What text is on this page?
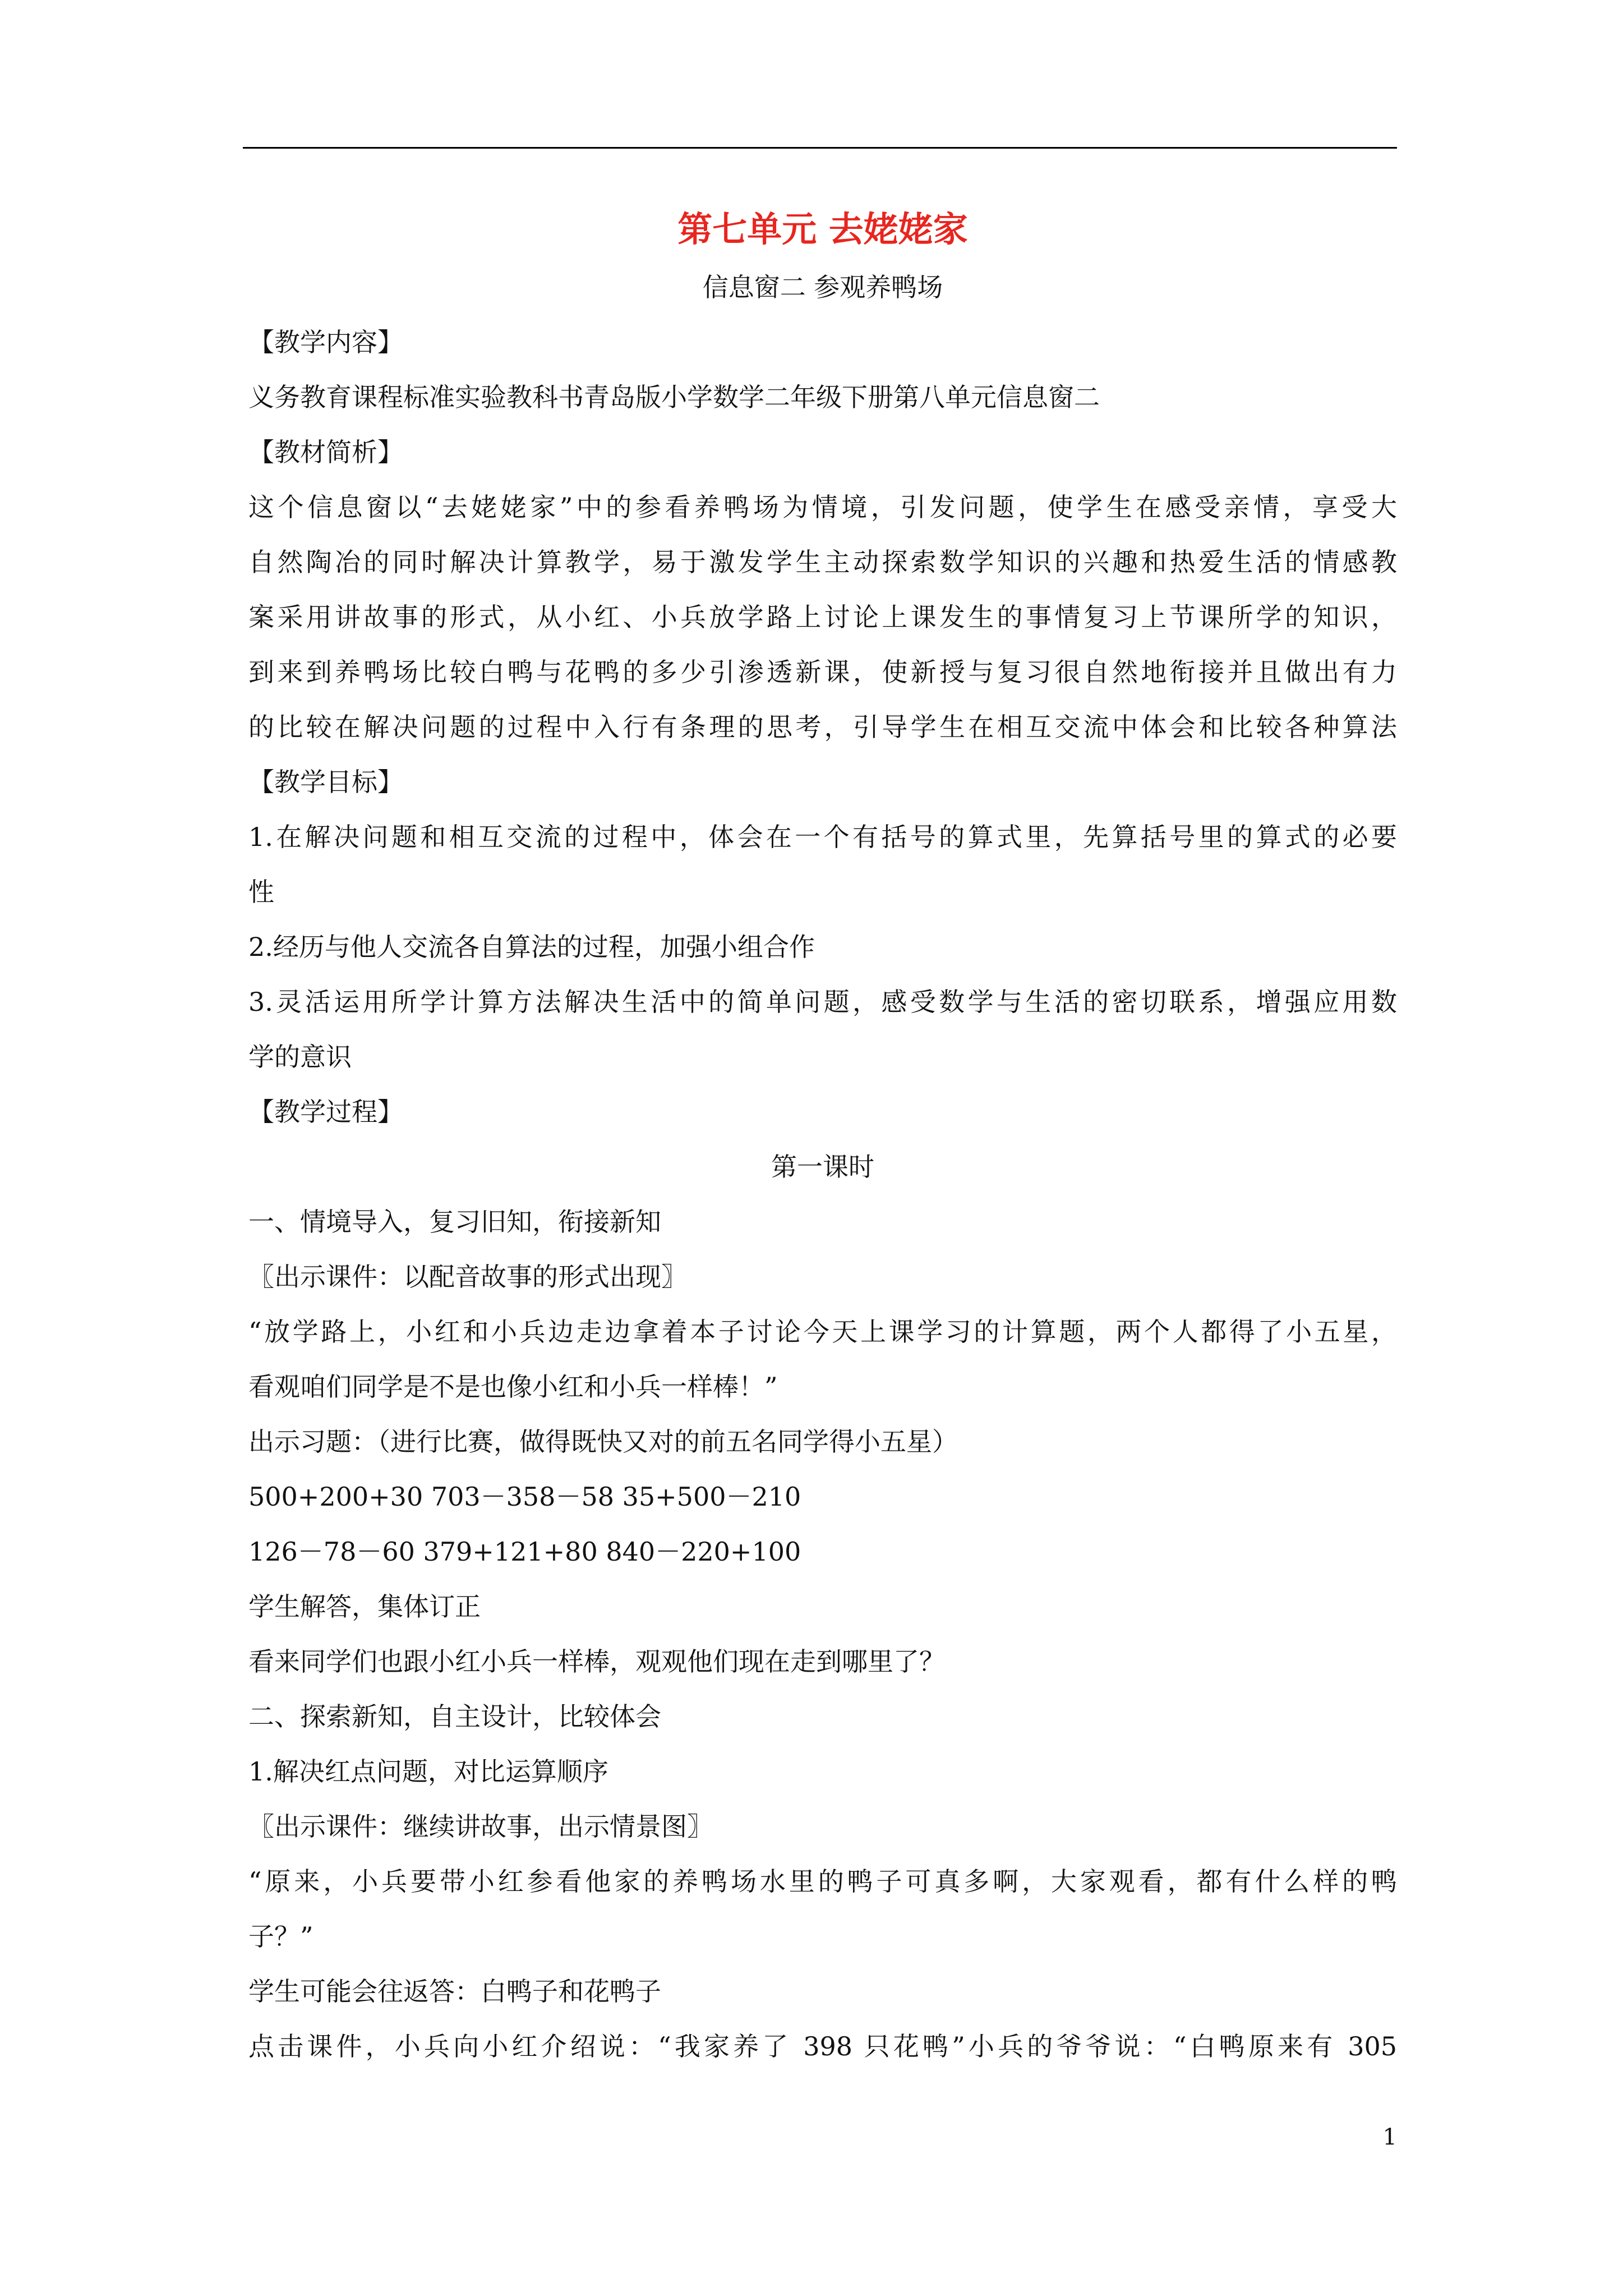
第七单元 去姥姥家
信息窗二 参观养鸭场
【教学内容】
义务教育课程标准实验教科书青岛版小学数学二年级下册第八单元信息窗二
【教材简析】
这个信息窗以“去姥姥家”中的参看养鸭场为情境，引发问题，使学生在感受亲情，享受大
自然陶冶的同时解决计算教学，易于激发学生主动探索数学知识的兴趣和热爱生活的情感教
案采用讲故事的形式，从小红、小兵放学路上讨论上课发生的事情复习上节课所学的知识，
到来到养鸭场比较白鸭与花鸭的多少引渗透新课，使新授与复习很自然地衔接并且做出有力
的比较在解决问题的过程中入行有条理的思考，引导学生在相互交流中体会和比较各种算法
【教学目标】
1.在解决问题和相互交流的过程中，体会在一个有括号的算式里，先算括号里的算式的必要
性
2.经历与他人交流各自算法的过程，加强小组合作
3.灵活运用所学计算方法解决生活中的简单问题，感受数学与生活的密切联系，增强应用数
学的意识
【教学过程】
第一课时
一、情境导入，复习旧知，衔接新知
〖出示课件：以配音故事的形式出现〗
“放学路上，小红和小兵边走边拿着本子讨论今天上课学习的计算题，两个人都得了小五星，
看观咱们同学是不是也像小红和小兵一样棒！”
出示习题：（进行比赛，做得既快又对的前五名同学得小五星）
500+200+30 703－358－58 35+500－210
126－78－60 379+121+80 840－220+100
学生解答，集体订正
看来同学们也跟小红小兵一样棒，观观他们现在走到哪里了？
二、探索新知，自主设计，比较体会
1.解决红点问题，对比运算顺序
〖出示课件：继续讲故事，出示情景图〗
“原来，小兵要带小红参看他家的养鸭场水里的鸭子可真多啊，大家观看，都有什么样的鸭
子？”
学生可能会往返答：白鸭子和花鸭子
点击课件，小兵向小红介绍说：“我家养了 398 只花鸭”小兵的爷爷说：“白鸭原来有 305
1
